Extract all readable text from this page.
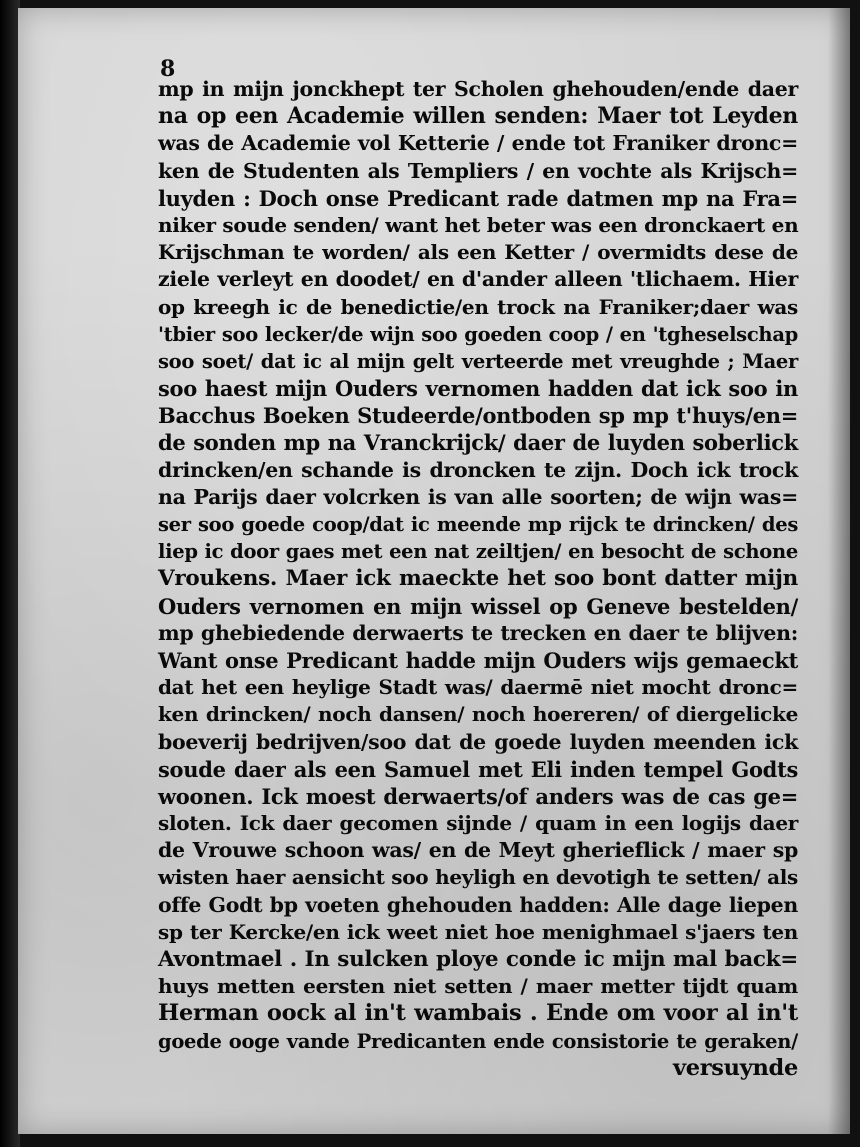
8
mp in mijn jonckhept ter Scholen ghehouden/ende daer
na op een Academie willen senden: Maer tot Leyden
was de Academie vol Ketterie / ende tot Franiker dronc=
ken de Studenten als Templiers / en vochte als Krijsch=
luyden : Doch onse Predicant rade datmen mp na Fra=
niker soude senden/ want het beter was een dronckaert en
Krijschman te worden/ als een Ketter / overmidts dese de
ziele verleyt en doodet/ en d'ander alleen 'tlichaem. Hier
op kreegh ic de benedictie/en trock na Franiker;daer was
'tbier soo lecker/de wijn soo goeden coop / en 'tgheselschap
soo soet/ dat ic al mijn gelt verteerde met vreughde ; Maer
soo haest mijn Ouders vernomen hadden dat ick soo in
Bacchus Boeken Studeerde/ontboden sp mp t'huys/en=
de sonden mp na Vranckrijck/ daer de luyden soberlick
drincken/en schande is droncken te zijn. Doch ick trock
na Parijs daer volcrken is van alle soorten; de wijn was=
ser soo goede coop/dat ic meende mp rijck te drincken/ des
liep ic door gaes met een nat zeiltjen/ en besocht de schone
Vroukens. Maer ick maeckte het soo bont datter mijn
Ouders vernomen en mijn wissel op Geneve bestelden/
mp ghebiedende derwaerts te trecken en daer te blijven:
Want onse Predicant hadde mijn Ouders wijs gemaeckt
dat het een heylige Stadt was/ daermē niet mocht dronc=
ken drincken/ noch dansen/ noch hoereren/ of diergelicke
boeverij bedrijven/soo dat de goede luyden meenden ick
soude daer als een Samuel met Eli inden tempel Godts
woonen. Ick moest derwaerts/of anders was de cas ge=
sloten. Ick daer gecomen sijnde / quam in een logijs daer
de Vrouwe schoon was/ en de Meyt gherieflick / maer sp
wisten haer aensicht soo heyligh en devotigh te setten/ als
offe Godt bp voeten ghehouden hadden: Alle dage liepen
sp ter Kercke/en ick weet niet hoe menighmael s'jaers ten
Avontmael . In sulcken ploye conde ic mijn mal back=
huys metten eersten niet setten / maer metter tijdt quam
Herman oock al in't wambais . Ende om voor al in't
goede ooge vande Predicanten ende consistorie te geraken/
versuynde
